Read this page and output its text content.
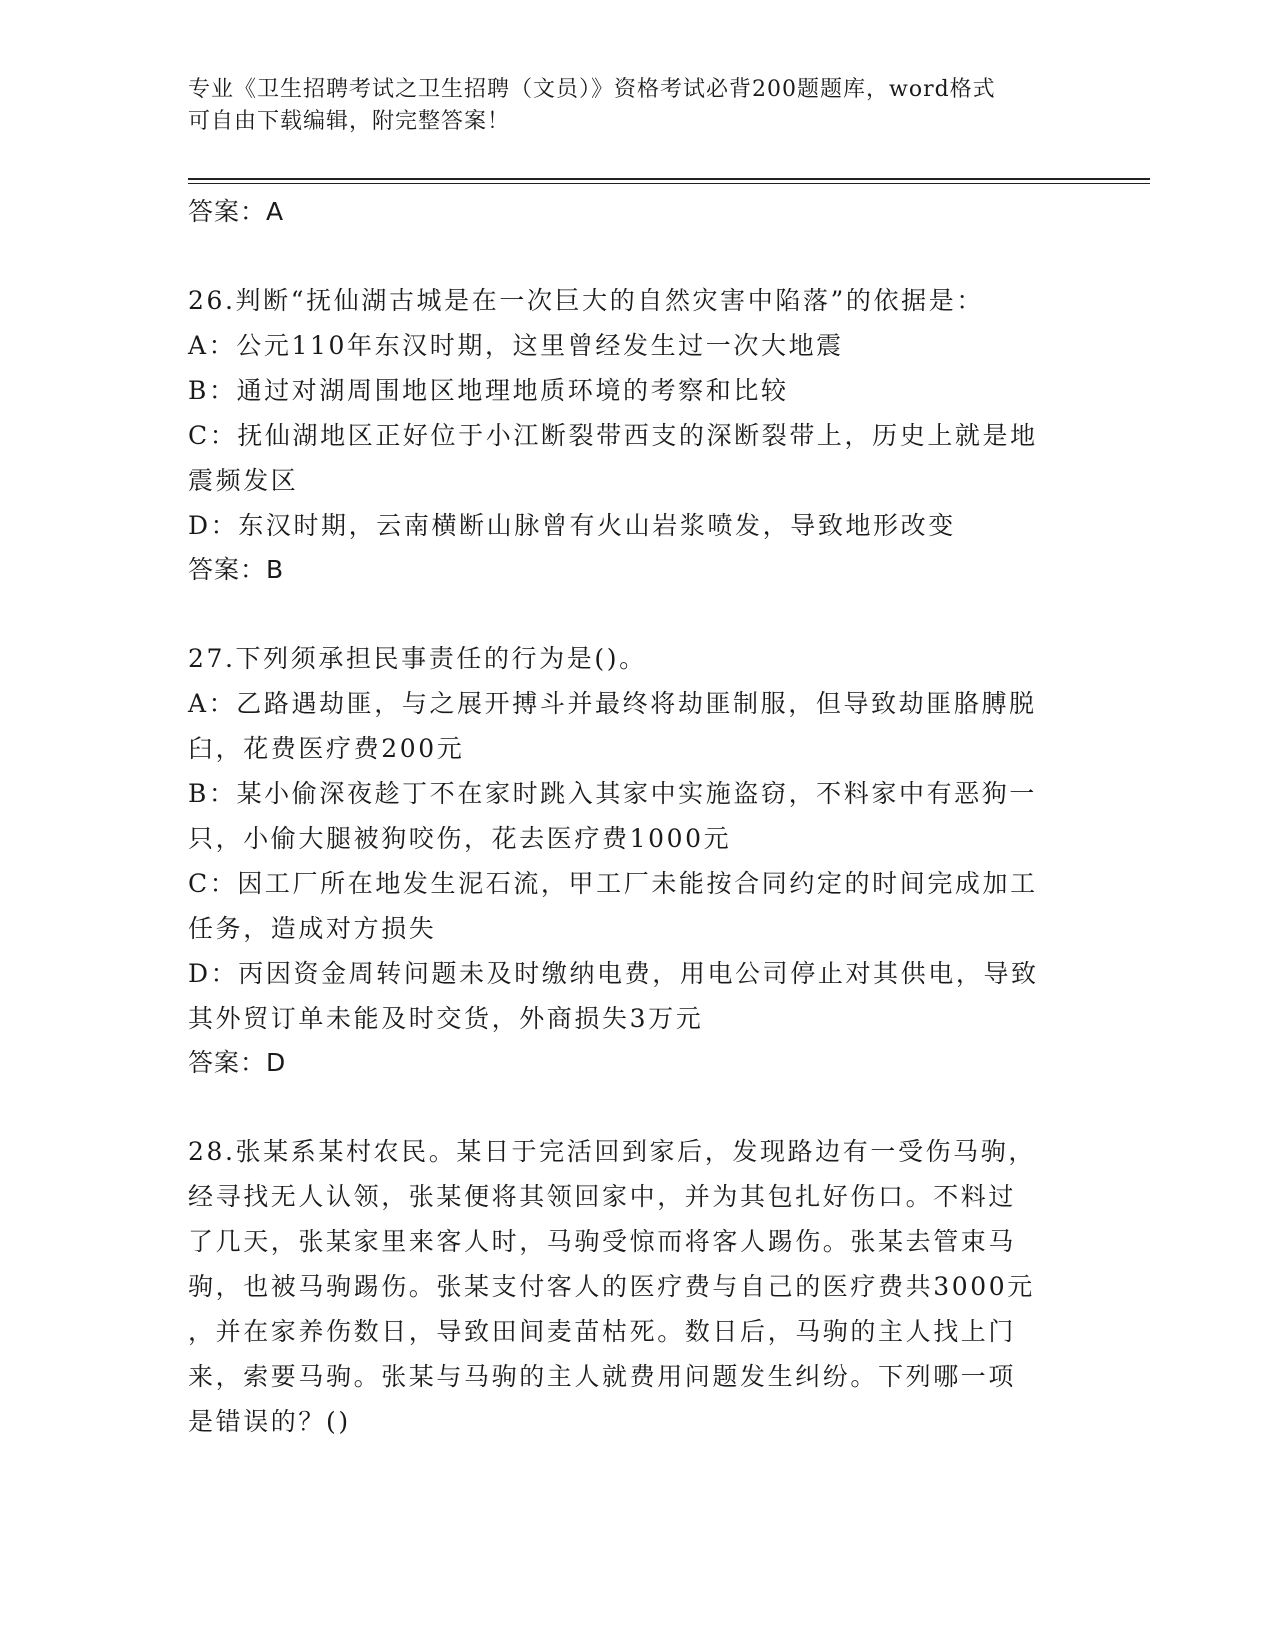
专业《卫生招聘考试之卫生招聘（文员）》资格考试必背200题题库，word格式
可自由下载编辑，附完整答案！

答案：A

26.判断“抚仙湖古城是在一次巨大的自然灾害中陷落”的依据是：

A：公元110年东汉时期，这里曾经发生过一次大地震

B：通过对湖周围地区地理地质环境的考察和比较

C：抚仙湖地区正好位于小江断裂带西支的深断裂带上，历史上就是地

震频发区

D：东汉时期，云南横断山脉曾有火山岩浆喷发，导致地形改变

答案：B

27.下列须承担民事责任的行为是()。

A：乙路遇劫匪，与之展开搏斗并最终将劫匪制服，但导致劫匪胳膊脱

臼，花费医疗费200元

B：某小偷深夜趁丁不在家时跳入其家中实施盗窃，不料家中有恶狗一

只，小偷大腿被狗咬伤，花去医疗费1000元

C：因工厂所在地发生泥石流，甲工厂未能按合同约定的时间完成加工

任务，造成对方损失

D：丙因资金周转问题未及时缴纳电费，用电公司停止对其供电，导致

其外贸订单未能及时交货，外商损失3万元

答案：D

28.张某系某村农民。某日于完活回到家后，发现路边有一受伤马驹，

经寻找无人认领，张某便将其领回家中，并为其包扎好伤口。不料过

了几天，张某家里来客人时，马驹受惊而将客人踢伤。张某去管束马

驹，也被马驹踢伤。张某支付客人的医疗费与自己的医疗费共3000元

，并在家养伤数日，导致田间麦苗枯死。数日后，马驹的主人找上门

来，索要马驹。张某与马驹的主人就费用问题发生纠纷。下列哪一项

是错误的？()
